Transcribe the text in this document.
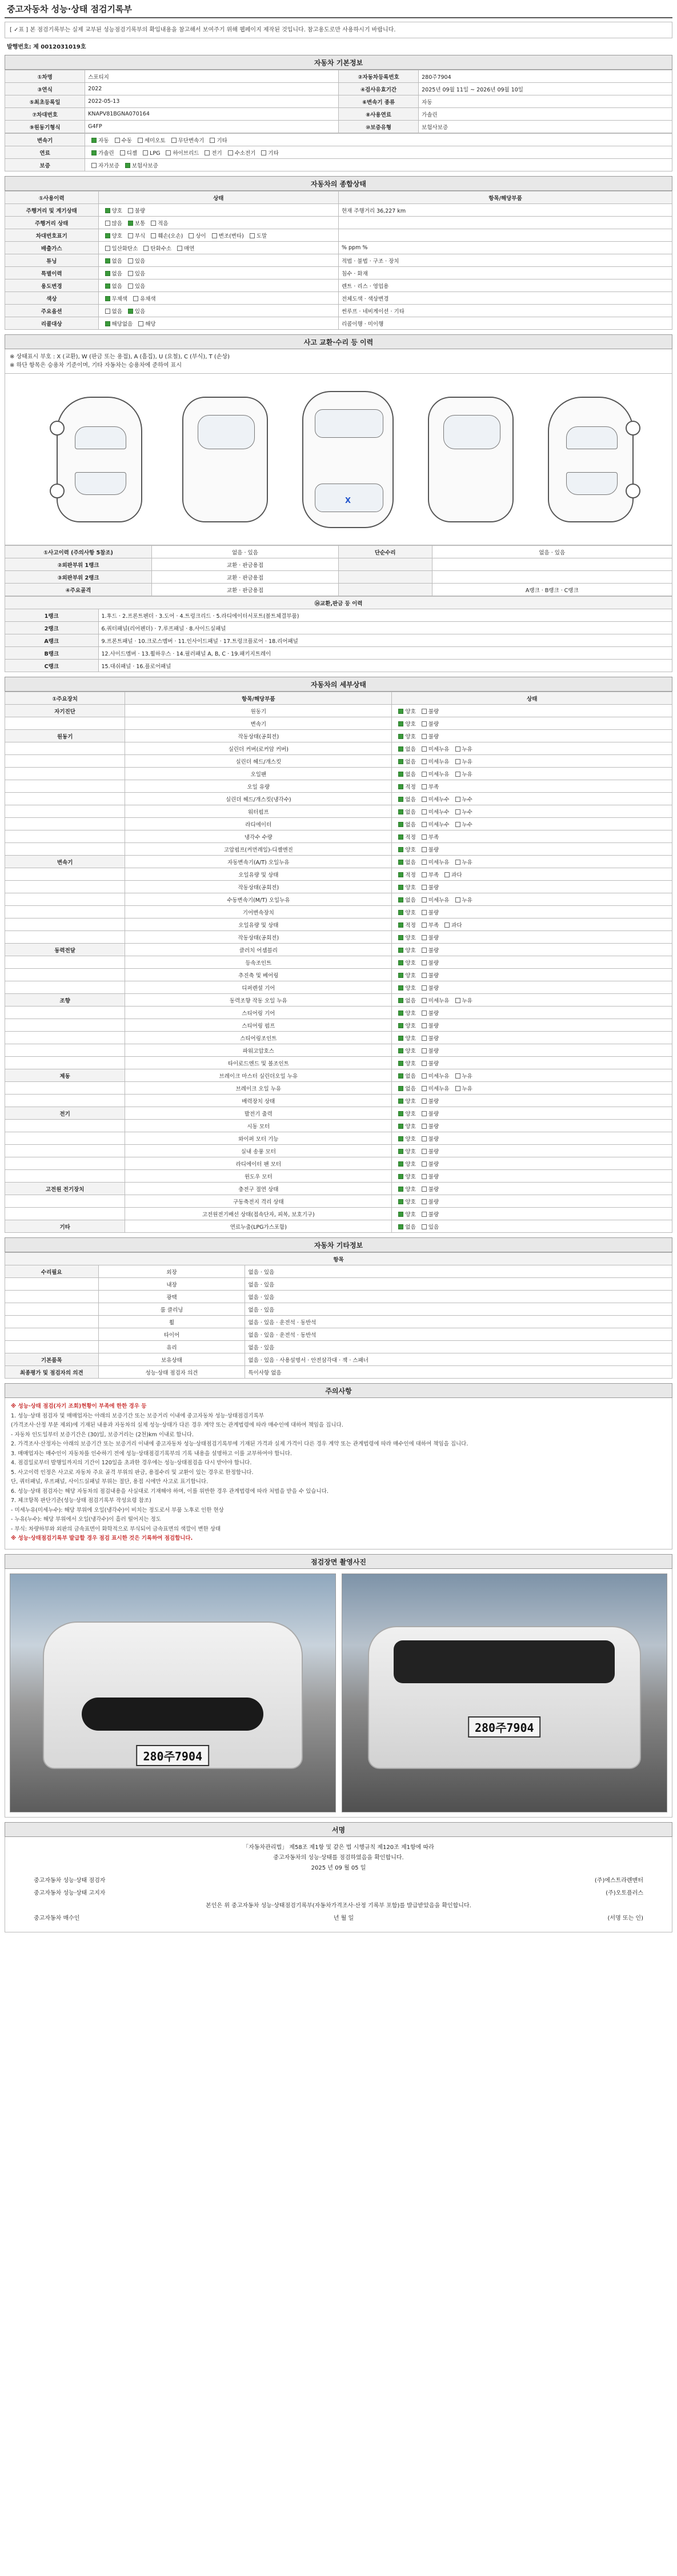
중고자동차 성능·상태 점검기록부
[ ✓표 ] 본 점검기록부는 실제 교부된 성능점검기록부의 확입내용을 참고해서 보여주기 위해 웹페이지 제작된 것입니다. 참고용도로만 사용하시기 바랍니다.
발행번호: 제 0012031019호
자동차 기본정보
①차명	스포티지	②자동차등록번호	280주7904
③연식	2022	④검사유효기간	2025년 09월 11일 ~ 2026년 09월 10일
⑤최초등록일	2022-05-13	⑥변속기 종류	자동
⑦차대번호	KNAPV81BGNA070164	⑧사용연료	가솔린
⑨원동기형식	G4FP	⑩보증유형	보험사보증
변속기	자동 수동 세미오토 무단변속기 기타
연료	가솔린 디젤 LPG 하이브리드 전기 수소전기 기타
보증	자가보증 보험사보증
자동차의 종합상태
①사용이력	상태	항목/해당부품
주행거리 및 계기상태	양호 불량	현재 주행거리 36,227 km
주행거리 상태	많음 보통 적음	
차대번호표기	양호 부식 훼손(오손) 상이 변조(변타) 도말	
배출가스	일산화탄소 탄화수소 매연	% ppm %
튜닝	없음 있음	적법 · 불법 · 구조 · 장치
특별이력	없음 있음	침수 · 화재
용도변경	없음 있음	렌트 · 리스 · 영업용
색상	무채색 유채색	전체도색 · 색상변경
주요옵션	없음 있음	썬루프 · 네비게이션 · 기타
리콜대상	해당없음 해당	리콜이행 · 미이행
사고 교환·수리 등 이력
※ 상태표시 부호 : X (교환), W (판금 또는 용접), A (흠집), U (요철), C (부식), T (손상)
※ 하단 항목은 승용차 기준이며, 기타 자동차는 승용차에 준하여 표시
X
①사고이력 (주의사항 5참조)	없음 · 있음	단순수리	없음 · 있음
②외판부위 1랭크	교환 · 판금용접		
③외판부위 2랭크	교환 · 판금용접		
④주요골격	교환 · 판금용접		A랭크 · B랭크 · C랭크
⑭교환,판금 등 이력	
1랭크	1.후드 · 2.프론트펜더 · 3.도어 · 4.트렁크리드 · 5.라디에이터서포트(볼트체결부품)
2랭크	6.쿼터패널(리어펜더) · 7.루프패널 · 8.사이드실패널
A랭크	9.프론트패널 · 10.크로스멤버 · 11.인사이드패널 · 17.트렁크플로어 · 18.리어패널
B랭크	12.사이드멤버 · 13.휠하우스 · 14.필러패널 A, B, C · 19.패키지트레이
C랭크	15.대쉬패널 · 16.플로어패널
자동차의 세부상태
①주요장치	항목/해당부품	상태
자기진단	원동기	양호 불량
	변속기	양호 불량
원동기	작동상태(공회전)	양호 불량
	실린더 커버(로커암 커버)	없음 미세누유 누유
	실린더 헤드/개스킷	없음 미세누유 누유
	오일팬	없음 미세누유 누유
	오일 유량	적정 부족
	실린더 헤드/개스킷(냉각수)	없음 미세누수 누수
	워터펌프	없음 미세누수 누수
	라디에이터	없음 미세누수 누수
	냉각수 수량	적정 부족
	고압펌프(커먼레일)-디젤엔진	양호 불량
변속기	자동변속기(A/T) 오일누유	없음 미세누유 누유
	오일유량 및 상태	적정 부족 과다
	작동상태(공회전)	양호 불량
	수동변속기(M/T) 오일누유	없음 미세누유 누유
	기어변속장치	양호 불량
	오일유량 및 상태	적정 부족 과다
	작동상태(공회전)	양호 불량
동력전달	클러치 어셈블리	양호 불량
	등속조인트	양호 불량
	추진축 및 베어링	양호 불량
	디퍼렌셜 기어	양호 불량
조향	동력조향 작동 오일 누유	없음 미세누유 누유
	스티어링 기어	양호 불량
	스티어링 펌프	양호 불량
	스티어링조인트	양호 불량
	파워고압호스	양호 불량
	타이로드엔드 및 볼조인트	양호 불량
제동	브레이크 마스터 실린더오일 누유	없음 미세누유 누유
	브레이크 오일 누유	없음 미세누유 누유
	배력장치 상태	양호 불량
전기	발전기 출력	양호 불량
	시동 모터	양호 불량
	와이퍼 모터 기능	양호 불량
	실내 송풍 모터	양호 불량
	라디에이터 팬 모터	양호 불량
	윈도우 모터	양호 불량
고전원 전기장치	충전구 절연 상태	양호 불량
	구동축전지 격리 상태	양호 불량
	고전원전기배선 상태(접속단자, 피복, 보호기구)	양호 불량
기타	연료누출(LPG가스포함)	없음 있음
자동차 기타정보
항목		
수리필요	외장	없음 · 있음
	내장	없음 · 있음
	광택	없음 · 있음
	룸 클리닝	없음 · 있음
	휠	없음 · 있음 · 운전석 · 동반석
	타이어	없음 · 있음 · 운전석 · 동반석
	유리	없음 · 있음
기본품목	보유상태	없음 · 있음 · 사용설명서 · 안전삼각대 · 잭 · 스패너
최종평가 및 점검자의 의견	성능·상태 점검자 의견	특이사항 없음
주의사항

※ 성능·상태 점검(자기 조회)현황이 부족에 한한 경우 등

1. 성능·상태 점검자 및 매매업자는 아래의 보증기간 또는 보증거리 이내에 중고자동차 성능·상태점검기록부

(가격조사·산정 부분 제외)에 기재된 내용과 자동차의 실제 성능·상태가 다른 경우 계약 또는 관계법령에 따라 매수인에 대하여 책임을 집니다.

- 자동차 인도일부터 보증기간은 (30)일, 보증거리는 (2천)km 이내로 합니다.

2. 가격조사·산정자는 아래의 보증기간 또는 보증거리 이내에 중고자동차 성능·상태점검기록부에 기재된 가격과 실제 가격이 다른 경우 계약 또는 관계법령에 따라 매수인에 대하여 책임을 집니다.

3. 매매업자는 매수인이 자동차를 인수하기 전에 성능·상태점검기록부의 기록 내용을 설명하고 이를 교부하여야 합니다.

4. 점검일로부터 발행일까지의 기간이 120일을 초과한 경우에는 성능·상태점검을 다시 받아야 합니다.

5. 사고이력 인정은 사고로 자동차 주요 골격 부위의 판금, 용접수리 및 교환이 있는 경우로 한정합니다.

단, 쿼터패널, 루프패널, 사이드실패널 부위는 절단, 용접 시에만 사고로 표기합니다.

6. 성능·상태 점검자는 해당 자동차의 점검내용을 사실대로 기재해야 하며, 이를 위반한 경우 관계법령에 따라 처벌을 받을 수 있습니다.

7. 체크항목 판단기준(성능·상태 점검기록부 작성요령 참조)

- 미세누유(미세누수): 해당 부위에 오일(냉각수)이 비치는 정도로서 부품 노후로 인한 현상

- 누유(누수): 해당 부위에서 오일(냉각수)이 흘러 떨어지는 정도

- 부식: 차량하부와 외판의 금속표면이 화학적으로 부식되어 금속표면의 색깔이 변한 상태

※ 성능·상태점검기록부 발급할 경우 점검 표시한 것은 기록하여 점검합니다.

점검장면 촬영사진
280주7904
280주7904
서명
「자동차관리법」 제58조 제1항 및 같은 법 시행규칙 제120조 제1항에 따라
중고자동차의 성능·상태를 점검하였음을 확인합니다.
2025 년 09 월 05 일
중고자동차 성능·상태 점검자	(주)에스트라렌맨터
중고자동차 성능·상태 고지자	(주)오토플러스
본인은 위 중고자동차 성능·상태점검기록부(자동차가격조사·산정 기록부 포함)를 발급받았음을 확인합니다.
중고자동차 매수인	년 월 일	(서명 또는 인)
